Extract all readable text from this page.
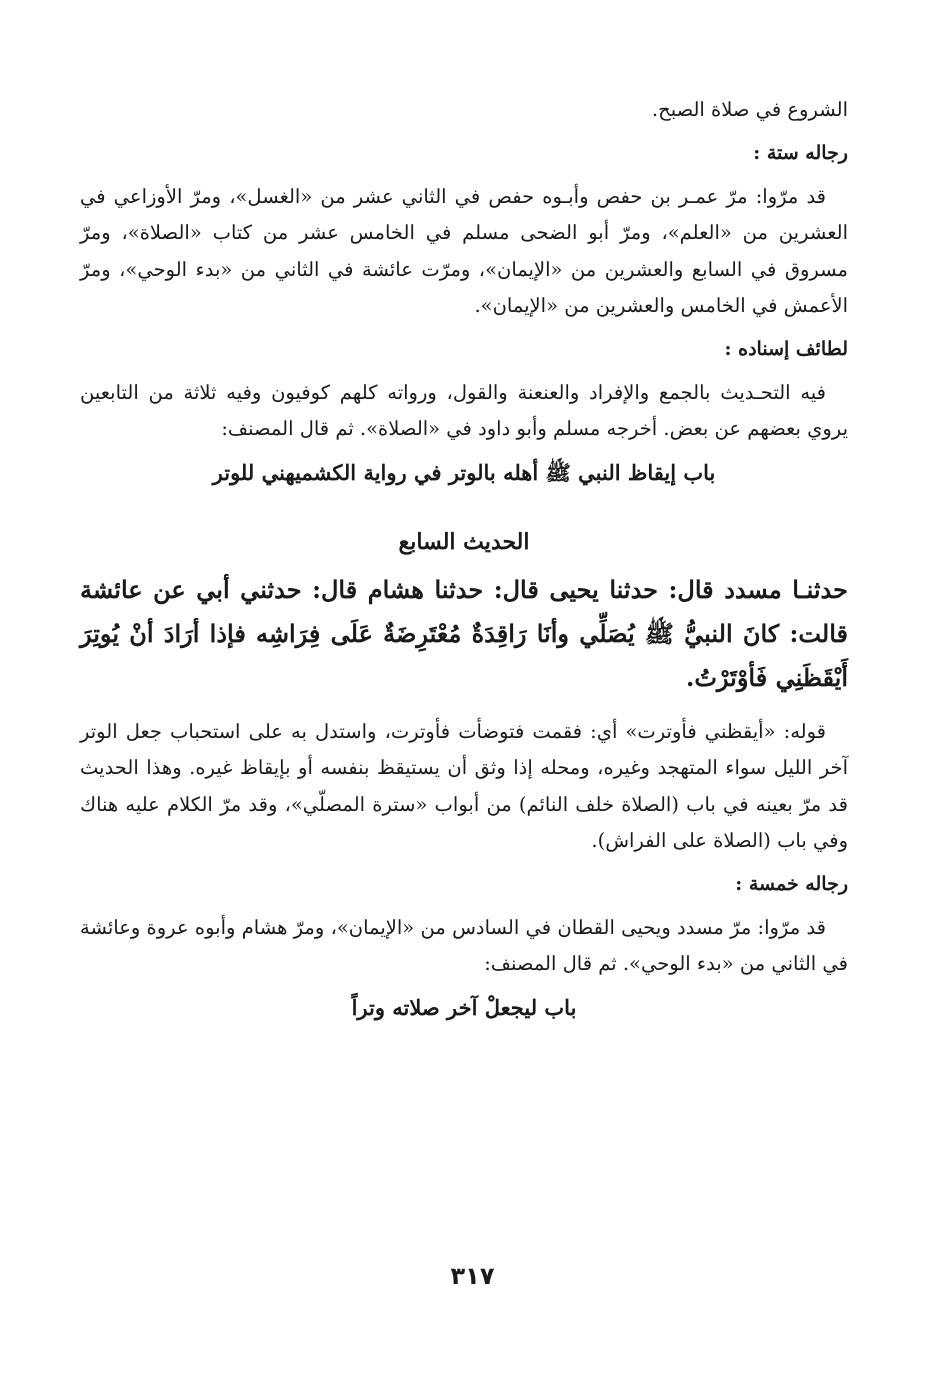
الشروع في صلاة الصبح.

رجاله ستة :

قد مرّوا: مرّ عمـر بن حفص وأبـوه حفص في الثاني عشر من «الغسل»، ومرّ الأوزاعي في العشرين من «العلم»، ومرّ أبو الضحى مسلم في الخامس عشر من كتاب «الصلاة»، ومرّ مسروق في السابع والعشرين من «الإيمان»، ومرّت عائشة في الثاني من «بدء الوحي»، ومرّ الأعمش في الخامس والعشرين من «الإيمان».

لطائف إسناده :

فيه التحـديث بالجمع والإفراد والعنعنة والقول، ورواته كلهم كوفيون وفيه ثلاثة من التابعين يروي بعضهم عن بعض. أخرجه مسلم وأبو داود في «الصلاة». ثم قال المصنف:

باب إيقاظ النبي ﷺ أهله بالوتر في رواية الكشميهني للوتر

الحديث السابع

حدثنـا مسدد قال: حدثنا يحيى قال: حدثنا هشام قال: حدثني أبي عن عائشة قالت: كانَ النبيُّ ﷺ يُصَلِّي وأنَا رَاقِدَةٌ مُعْتَرِضَةٌ عَلَى فِرَاشِه فإذا أرَادَ أنْ يُوتِرَ أَيْقَظَنِي فَأوْتَرْتُ.

قوله: «أيقظني فأوترت» أي: فقمت فتوضأت فأوترت، واستدل به على استحباب جعل الوتر آخر الليل سواء المتهجد وغيره، ومحله إذا وثق أن يستيقظ بنفسه أو بإيقاظ غيره. وهذا الحديث قد مرّ بعينه في باب (الصلاة خلف النائم) من أبواب «سترة المصلّي»، وقد مرّ الكلام عليه هناك وفي باب (الصلاة على الفراش).

رجاله خمسة :

قد مرّوا: مرّ مسدد ويحيى القطان في السادس من «الإيمان»، ومرّ هشام وأبوه عروة وعائشة في الثاني من «بدء الوحي». ثم قال المصنف:

باب ليجعلْ آخر صلاته وتراً

٣١٧
